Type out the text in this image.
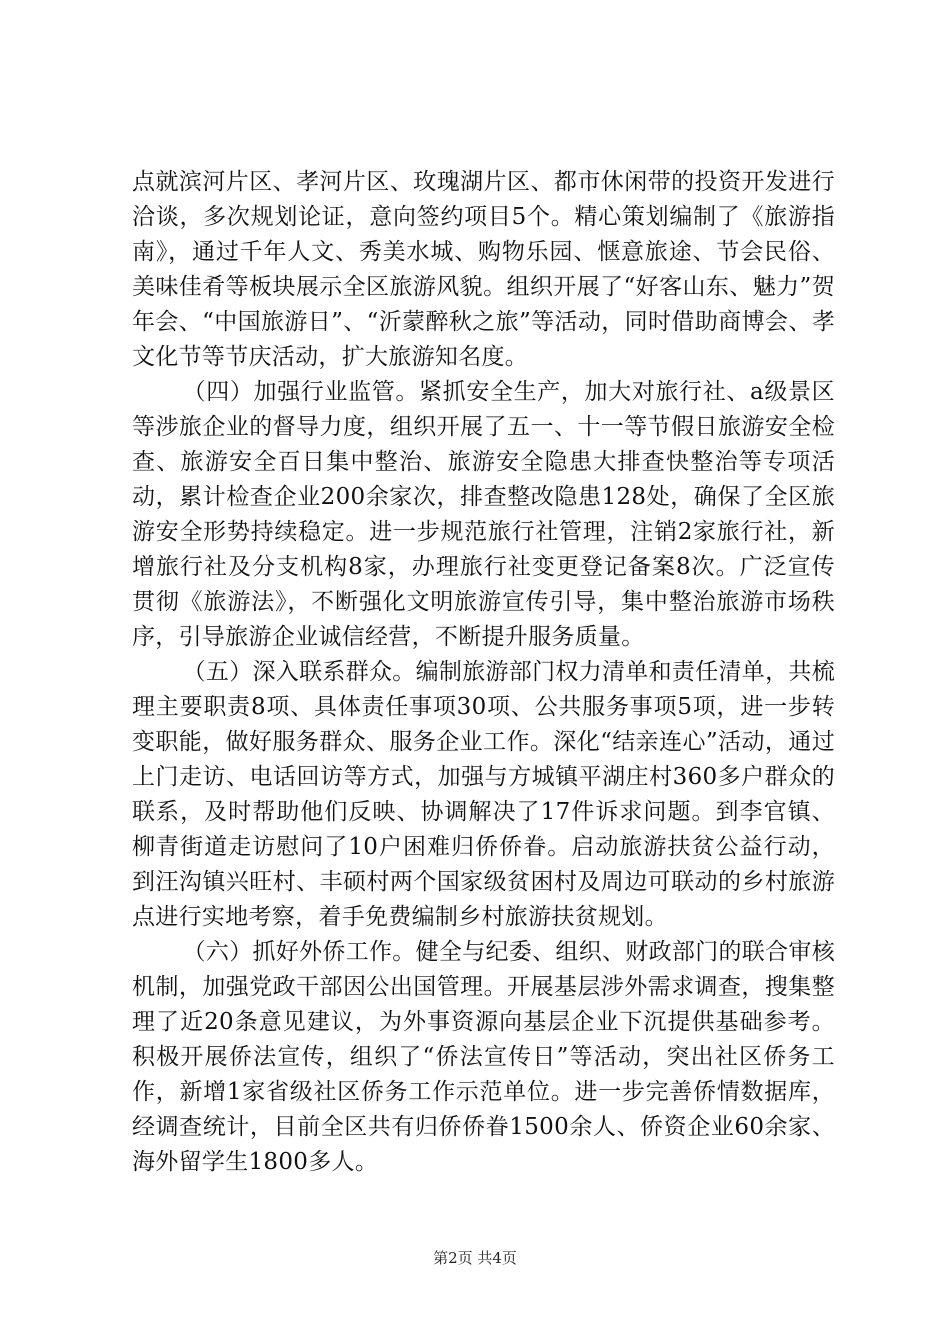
点就滨河片区、孝河片区、玫瑰湖片区、都市休闲带的投资开发进行洽谈，多次规划论证，意向签约项目5个。精心策划编制了《旅游指南》，通过千年人文、秀美水城、购物乐园、惬意旅途、节会民俗、美味佳肴等板块展示全区旅游风貌。组织开展了“好客山东、魅力”贺年会、“中国旅游日”、“沂蒙醉秋之旅”等活动，同时借助商博会、孝文化节等节庆活动，扩大旅游知名度。

（四）加强行业监管。紧抓安全生产，加大对旅行社、a级景区等涉旅企业的督导力度，组织开展了五一、十一等节假日旅游安全检查、旅游安全百日集中整治、旅游安全隐患大排查快整治等专项活动，累计检查企业200余家次，排查整改隐患128处，确保了全区旅游安全形势持续稳定。进一步规范旅行社管理，注销2家旅行社，新增旅行社及分支机构8家，办理旅行社变更登记备案8次。广泛宣传贯彻《旅游法》，不断强化文明旅游宣传引导，集中整治旅游市场秩序，引导旅游企业诚信经营，不断提升服务质量。

（五）深入联系群众。编制旅游部门权力清单和责任清单，共梳理主要职责8项、具体责任事项30项、公共服务事项5项，进一步转变职能，做好服务群众、服务企业工作。深化“结亲连心”活动，通过上门走访、电话回访等方式，加强与方城镇平湖庄村360多户群众的联系，及时帮助他们反映、协调解决了17件诉求问题。到李官镇、柳青街道走访慰问了10户困难归侨侨眷。启动旅游扶贫公益行动，到汪沟镇兴旺村、丰硕村两个国家级贫困村及周边可联动的乡村旅游点进行实地考察，着手免费编制乡村旅游扶贫规划。

（六）抓好外侨工作。健全与纪委、组织、财政部门的联合审核机制，加强党政干部因公出国管理。开展基层涉外需求调查，搜集整理了近20条意见建议，为外事资源向基层企业下沉提供基础参考。积极开展侨法宣传，组织了“侨法宣传日”等活动，突出社区侨务工作，新增1家省级社区侨务工作示范单位。进一步完善侨情数据库，经调查统计，目前全区共有归侨侨眷1500余人、侨资企业60余家、海外留学生1800多人。

第2页 共4页
